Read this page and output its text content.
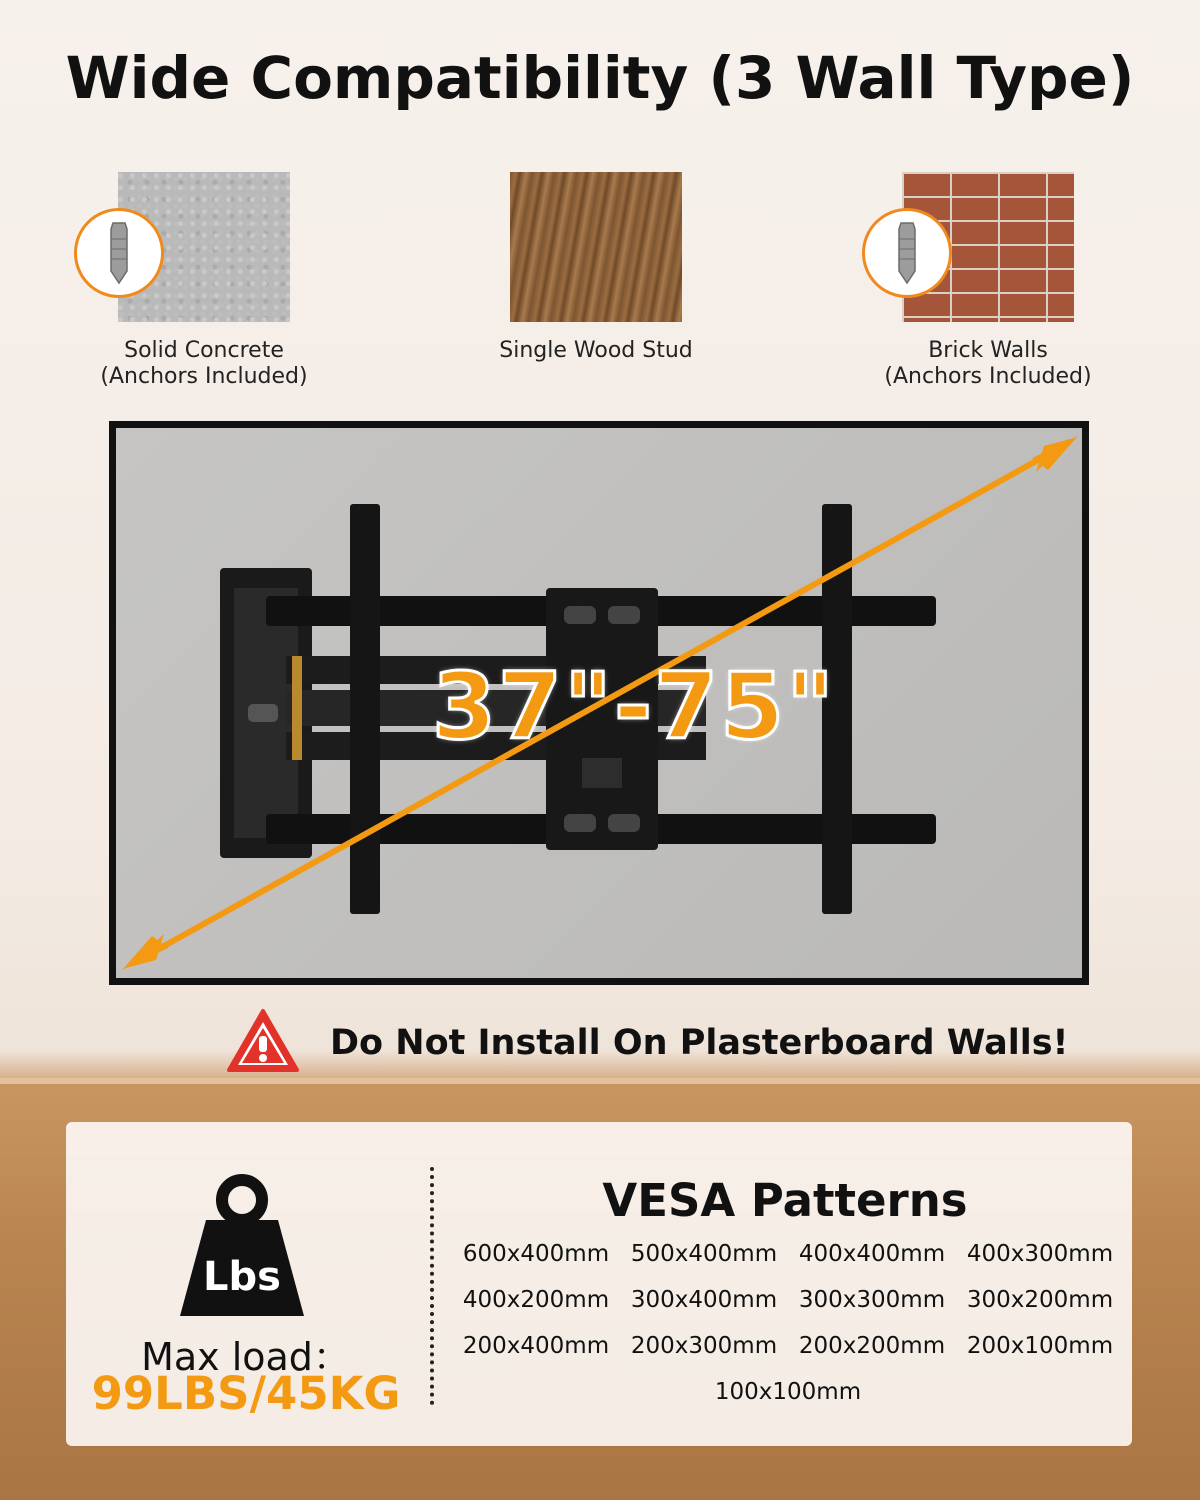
Wide Compatibility (3 Wall Type)
Solid Concrete
(Anchors Included)
Single Wood Stud	Brick Walls
(Anchors Included)
37"-75"
Do Not Install On Plasterboard Walls!
Lbs
Max load：
99LBS/45KG
VESA Patterns
600x400mm 500x400mm 400x400mm 400x300mm
400x200mm 300x400mm 300x300mm 300x200mm
200x400mm 200x300mm 200x200mm 200x100mm
100x100mm
